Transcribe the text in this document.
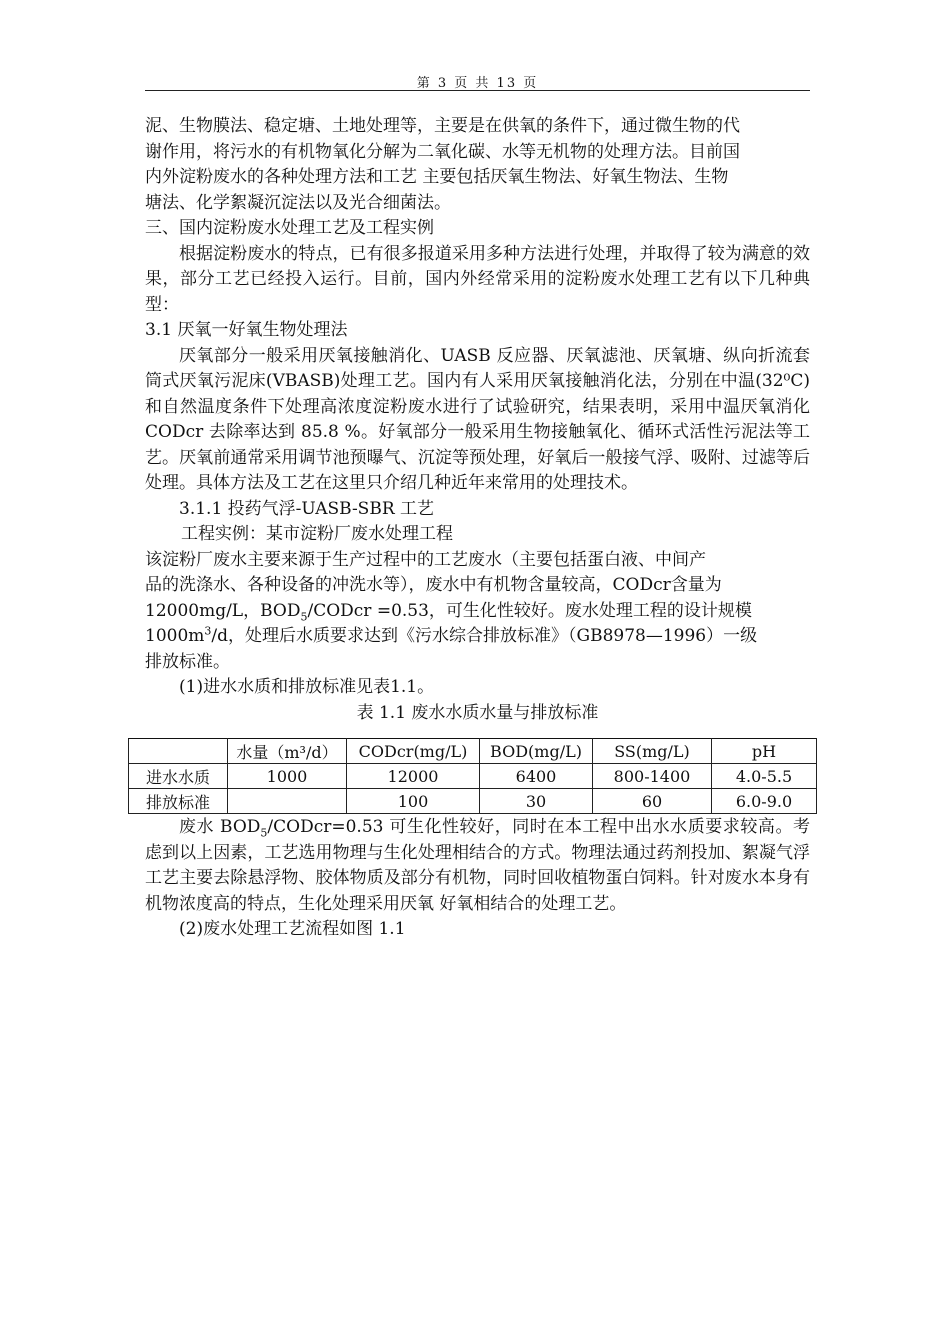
第 3 页 共 13 页

泥、生物膜法、稳定塘、土地处理等，主要是在供氧的条件下，通过微生物的代

谢作用，将污水的有机物氧化分解为二氧化碳、水等无机物的处理方法。目前国

内外淀粉废水的各种处理方法和工艺 主要包括厌氧生物法、好氧生物法、生物

塘法、化学絮凝沉淀法以及光合细菌法。

三、国内淀粉废水处理工艺及工程实例

根据淀粉废水的特点，已有很多报道采用多种方法进行处理，并取得了较为满意的效果，部分工艺已经投入运行。目前，国内外经常采用的淀粉废水处理工艺有以下几种典型：

3.1 厌氧一好氧生物处理法

厌氧部分一般采用厌氧接触消化、UASB 反应器、厌氧滤池、厌氧塘、纵向折流套筒式厌氧污泥床(VBASB)处理工艺。国内有人采用厌氧接触消化法，分别在中温(32⁰C)和自然温度条件下处理高浓度淀粉废水进行了试验研究，结果表明，采用中温厌氧消化CODcr 去除率达到 85.8 %。好氧部分一般采用生物接触氧化、循环式活性污泥法等工艺。厌氧前通常采用调节池预曝气、沉淀等预处理，好氧后一般接气浮、吸附、过滤等后处理。具体方法及工艺在这里只介绍几种近年来常用的处理技术。

3.1.1 投药气浮-UASB-SBR 工艺

工程实例：某市淀粉厂废水处理工程

该淀粉厂废水主要来源于生产过程中的工艺废水（主要包括蛋白液、中间产

品的洗涤水、各种设备的冲洗水等），废水中有机物含量较高，CODcr含量为

12000mg/L，$BOD_5$/CODcr =0.53，可生化性较好。废水处理工程的设计规模

$1000m^3/d$，处理后水质要求达到《污水综合排放标准》（GB8978—1996）一级

排放标准。

(1)进水水质和排放标准见表1.1。

表 1.1 废水水质水量与排放标准

	水量（m³/d）	CODcr(mg/L)	BOD(mg/L)	SS(mg/L)	pH
进水水质	1000	12000	6400	800-1400	4.0-5.5
排放标准		100	30	60	6.0-9.0

废水 $BOD_5/CODcr=0.53$ 可生化性较好，同时在本工程中出水水质要求较高。考虑到以上因素，工艺选用物理与生化处理相结合的方式。物理法通过药剂投加、絮凝气浮工艺主要去除悬浮物、胶体物质及部分有机物，同时回收植物蛋白饲料。针对废水本身有机物浓度高的特点，生化处理采用厌氧 好氧相结合的处理工艺。

(2)废水处理工艺流程如图 1.1
